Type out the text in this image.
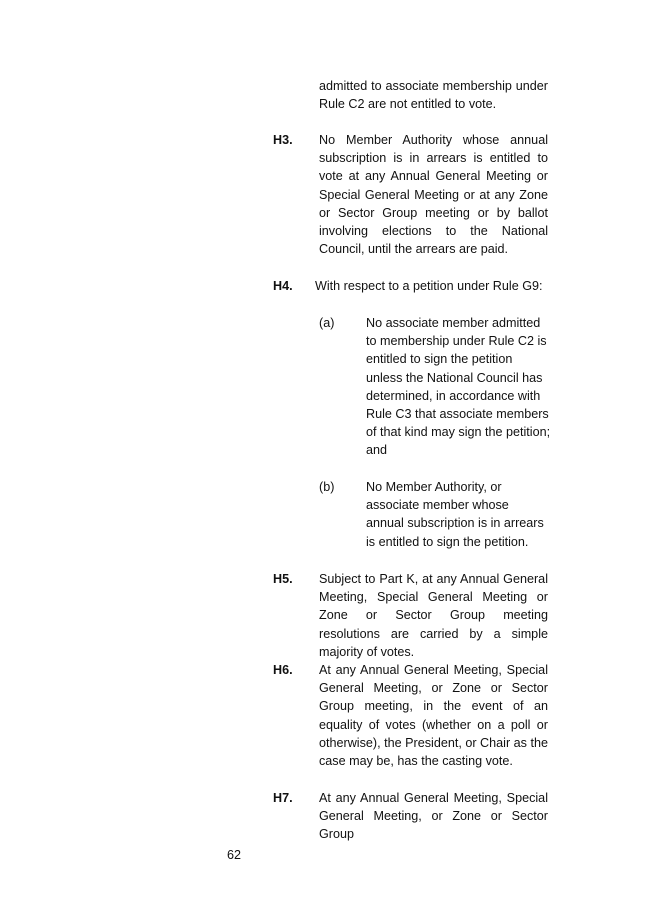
admitted to associate membership under Rule C2 are not entitled to vote.
H3. No Member Authority whose annual subscription is in arrears is entitled to vote at any Annual General Meeting or Special General Meeting or at any Zone or Sector Group meeting or by ballot involving elections to the National Council, until the arrears are paid.
H4. With respect to a petition under Rule G9:
(a)	No associate member admitted to membership under Rule C2 is entitled to sign the petition unless the National Council has determined, in accordance with Rule C3 that associate members of that kind may sign the petition; and
(b)	No Member Authority, or associate member whose annual subscription is in arrears is entitled to sign the petition.
H5. Subject to Part K, at any Annual General Meeting, Special General Meeting or Zone or Sector Group meeting resolutions are carried by a simple majority of votes.
H6. At any Annual General Meeting, Special General Meeting, or Zone or Sector Group meeting, in the event of an equality of votes (whether on a poll or otherwise), the President, or Chair as the case may be, has the casting vote.
H7. At any Annual General Meeting, Special General Meeting, or Zone or Sector Group
62
